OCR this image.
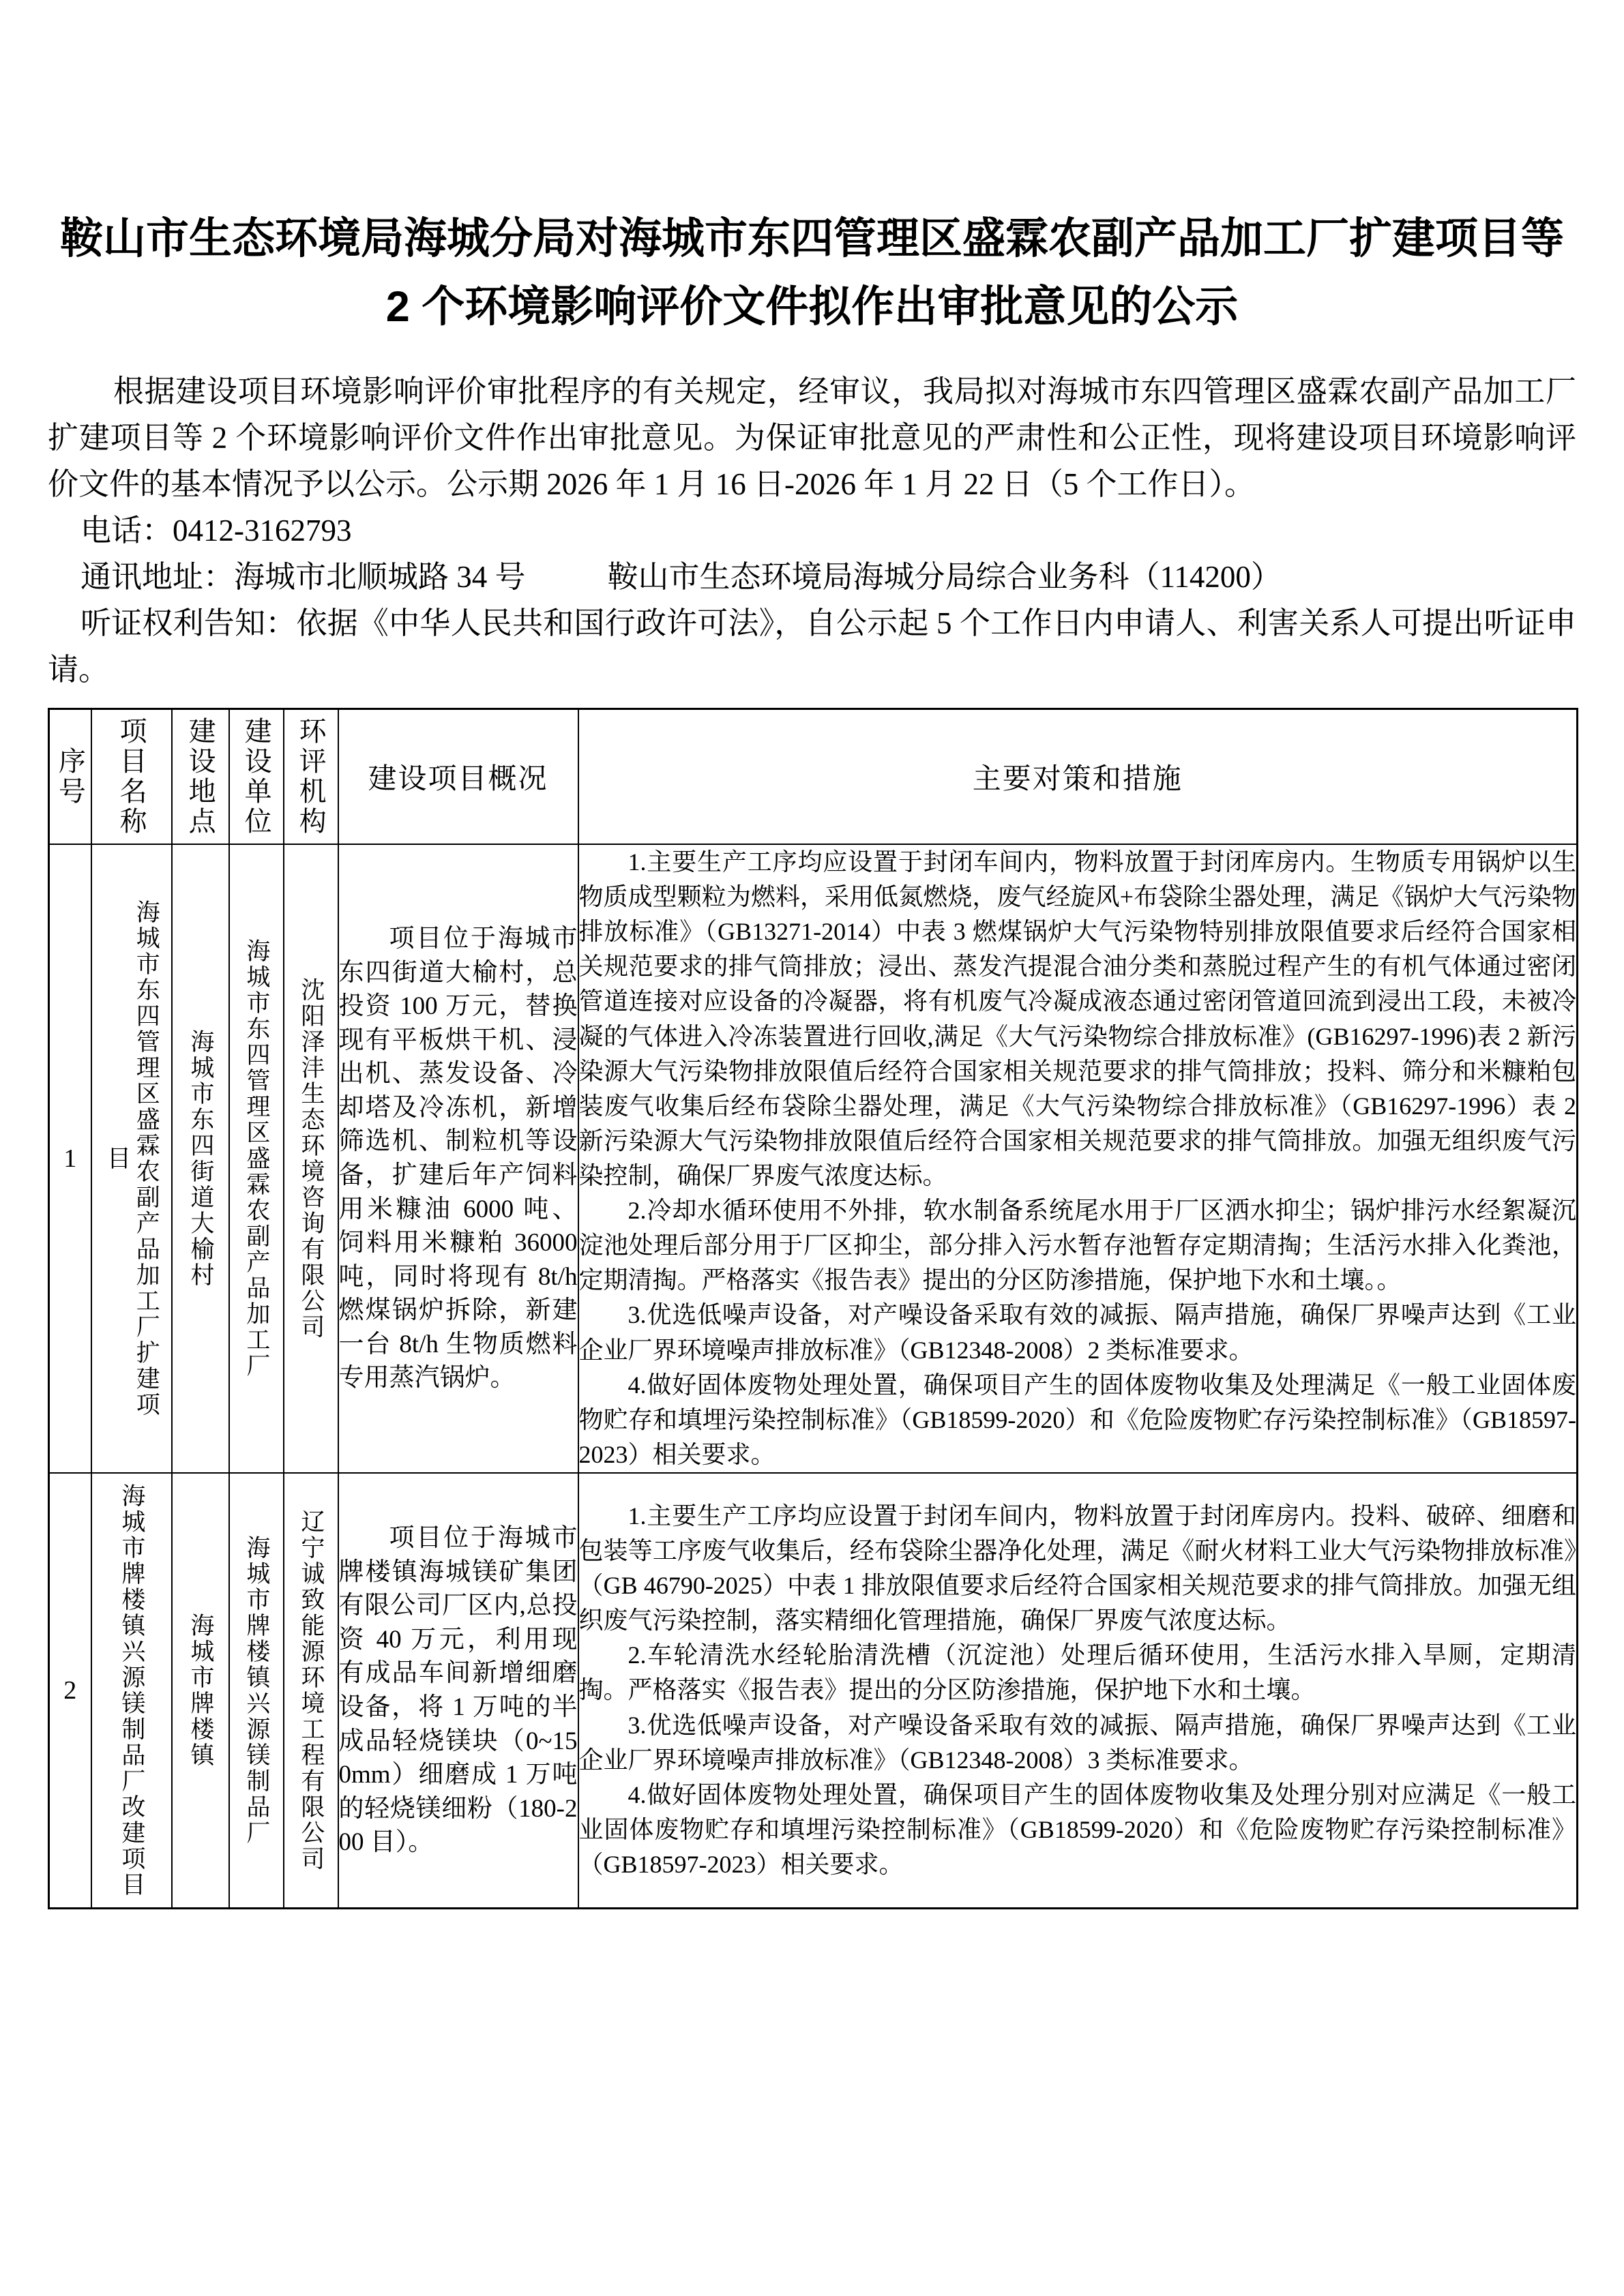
鞍山市生态环境局海城分局对海城市东四管理区盛霖农副产品加工厂扩建项目等 2 个环境影响评价文件拟作出审批意见的公示

根据建设项目环境影响评价审批程序的有关规定，经审议，我局拟对海城市东四管理区盛霖农副产品加工厂扩建项目等 2 个环境影响评价文件作出审批意见。为保证审批意见的严肃性和公正性，现将建设项目环境影响评价文件的基本情况予以公示。公示期 2026 年 1 月 16 日-2026 年 1 月 22 日（5 个工作日）。

电话：0412-3162793

通讯地址：海城市北顺城路 34 号	鞍山市生态环境局海城分局综合业务科（114200）

听证权利告知：依据《中华人民共和国行政许可法》，自公示起 5 个工作日内申请人、利害关系人可提出听证申请。

序号	项目名称	建设地点	建设单位	环评机构	建设项目概况	主要对策和措施
1	海城市东四管理区盛霖农副产品加工厂扩建项目	海城市东四街道大榆村	海城市东四管理区盛霖农副产品加工厂	沈阳泽沣生态环境咨询有限公司	项目位于海城市东四街道大榆村，总投资 100 万元，替换现有平板烘干机、浸出机、蒸发设备、冷却塔及冷冻机，新增筛选机、制粒机等设备，扩建后年产饲料用米糠油 6000 吨、饲料用米糠粕 36000 吨，同时将现有 8t/h 燃煤锅炉拆除，新建一台 8t/h 生物质燃料专用蒸汽锅炉。	1.主要生产工序均应设置于封闭车间内，物料放置于封闭库房内。生物质专用锅炉以生物质成型颗粒为燃料，采用低氮燃烧，废气经旋风+布袋除尘器处理，满足《锅炉大气污染物排放标准》（GB13271-2014）中表 3 燃煤锅炉大气污染物特别排放限值要求后经符合国家相关规范要求的排气筒排放；浸出、蒸发汽提混合油分类和蒸脱过程产生的有机气体通过密闭管道连接对应设备的冷凝器，将有机废气冷凝成液态通过密闭管道回流到浸出工段，未被冷凝的气体进入冷冻装置进行回收,满足《大气污染物综合排放标准》(GB16297-1996)表 2 新污染源大气污染物排放限值后经符合国家相关规范要求的排气筒排放；投料、筛分和米糠粕包装废气收集后经布袋除尘器处理，满足《大气污染物综合排放标准》（GB16297-1996）表 2 新污染源大气污染物排放限值后经符合国家相关规范要求的排气筒排放。加强无组织废气污染控制，确保厂界废气浓度达标。

2.冷却水循环使用不外排，软水制备系统尾水用于厂区洒水抑尘；锅炉排污水经絮凝沉淀池处理后部分用于厂区抑尘，部分排入污水暂存池暂存定期清掏；生活污水排入化粪池，定期清掏。严格落实《报告表》提出的分区防渗措施，保护地下水和土壤。。

3.优选低噪声设备，对产噪设备采取有效的减振、隔声措施，确保厂界噪声达到《工业企业厂界环境噪声排放标准》（GB12348-2008）2 类标准要求。

4.做好固体废物处理处置，确保项目产生的固体废物收集及处理满足《一般工业固体废物贮存和填埋污染控制标准》（GB18599-2020）和《危险废物贮存污染控制标准》（GB18597-2023）相关要求。

2	海城市牌楼镇兴源镁制品厂改建项目	海城市牌楼镇	海城市牌楼镇兴源镁制品厂	辽宁诚致能源环境工程有限公司	项目位于海城市牌楼镇海城镁矿集团有限公司厂区内,总投资 40 万元，利用现有成品车间新增细磨设备，将 1 万吨的半成品轻烧镁块（0~150mm）细磨成 1 万吨的轻烧镁细粉（180-200 目）。	1.主要生产工序均应设置于封闭车间内，物料放置于封闭库房内。投料、破碎、细磨和包装等工序废气收集后，经布袋除尘器净化处理，满足《耐火材料工业大气污染物排放标准》（GB 46790-2025）中表 1 排放限值要求后经符合国家相关规范要求的排气筒排放。加强无组织废气污染控制，落实精细化管理措施，确保厂界废气浓度达标。

2.车轮清洗水经轮胎清洗槽（沉淀池）处理后循环使用，生活污水排入旱厕，定期清掏。严格落实《报告表》提出的分区防渗措施，保护地下水和土壤。

3.优选低噪声设备，对产噪设备采取有效的减振、隔声措施，确保厂界噪声达到《工业企业厂界环境噪声排放标准》（GB12348-2008）3 类标准要求。

4.做好固体废物处理处置，确保项目产生的固体废物收集及处理分别对应满足《一般工业固体废物贮存和填埋污染控制标准》（GB18599-2020）和《危险废物贮存污染控制标准》（GB18597-2023）相关要求。
